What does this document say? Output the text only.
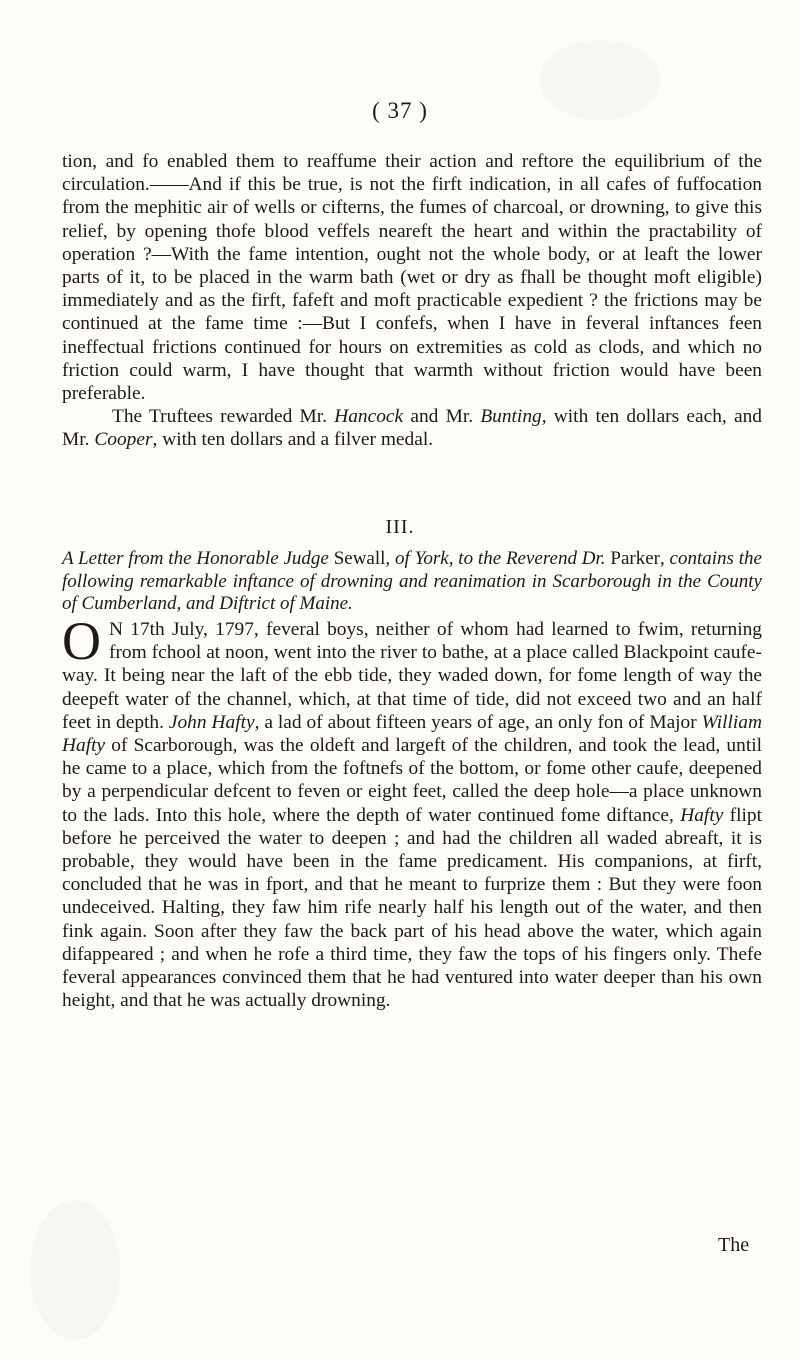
( 37 )
tion, and fo enabled them to reaffume their action and reftore the equilibrium of the circulation.——And if this be true, is not the firft indication, in all cafes of fuffocation from the mephitic air of wells or cifterns, the fumes of charcoal, or drowning, to give this relief, by opening thofe blood veffels neareft the heart and within the practability of operation ?—With the fame intention, ought not the whole body, or at leaft the lower parts of it, to be placed in the warm bath (wet or dry as fhall be thought moft eligible) immediately and as the firft, fafeft and moft practicable expedient ? the frictions may be continued at the fame time :—But I confefs, when I have in feveral inftances feen ineffectual frictions continued for hours on extremities as cold as clods, and which no friction could warm, I have thought that warmth without friction would have been preferable.
The Truftees rewarded Mr. Hancock and Mr. Bunting, with ten dollars each, and Mr. Cooper, with ten dollars and a filver medal.
III.
A Letter from the Honorable Judge Sewall, of York, to the Reverend Dr. Parker, contains the following remarkable inftance of drowning and reanimation in Scarborough in the County of Cumberland, and Diftrict of Maine.
O N 17th July, 1797, feveral boys, neither of whom had learned to fwim, returning from fchool at noon, went into the river to bathe, at a place called Blackpoint caufe-way. It being near the laft of the ebb tide, they waded down, for fome length of way the deepeft water of the channel, which, at that time of tide, did not exceed two and an half feet in depth. John Hafty, a lad of about fifteen years of age, an only fon of Major William Hafty of Scarborough, was the oldeft and largeft of the children, and took the lead, until he came to a place, which from the foftnefs of the bottom, or fome other caufe, deepened by a perpendicular defcent to feven or eight feet, called the deep hole—a place unknown to the lads. Into this hole, where the depth of water continued fome diftance, Hafty flipt before he perceived the water to deepen ; and had the children all waded abreaft, it is probable, they would have been in the fame predicament. His companions, at firft, concluded that he was in fport, and that he meant to furprize them : But they were foon undeceived. Halting, they faw him rife nearly half his length out of the water, and then fink again. Soon after they faw the back part of his head above the water, which again difappeared ; and when he rofe a third time, they faw the tops of his fingers only. Thefe feveral appearances convinced them that he had ventured into water deeper than his own height, and that he was actually drowning.
The
